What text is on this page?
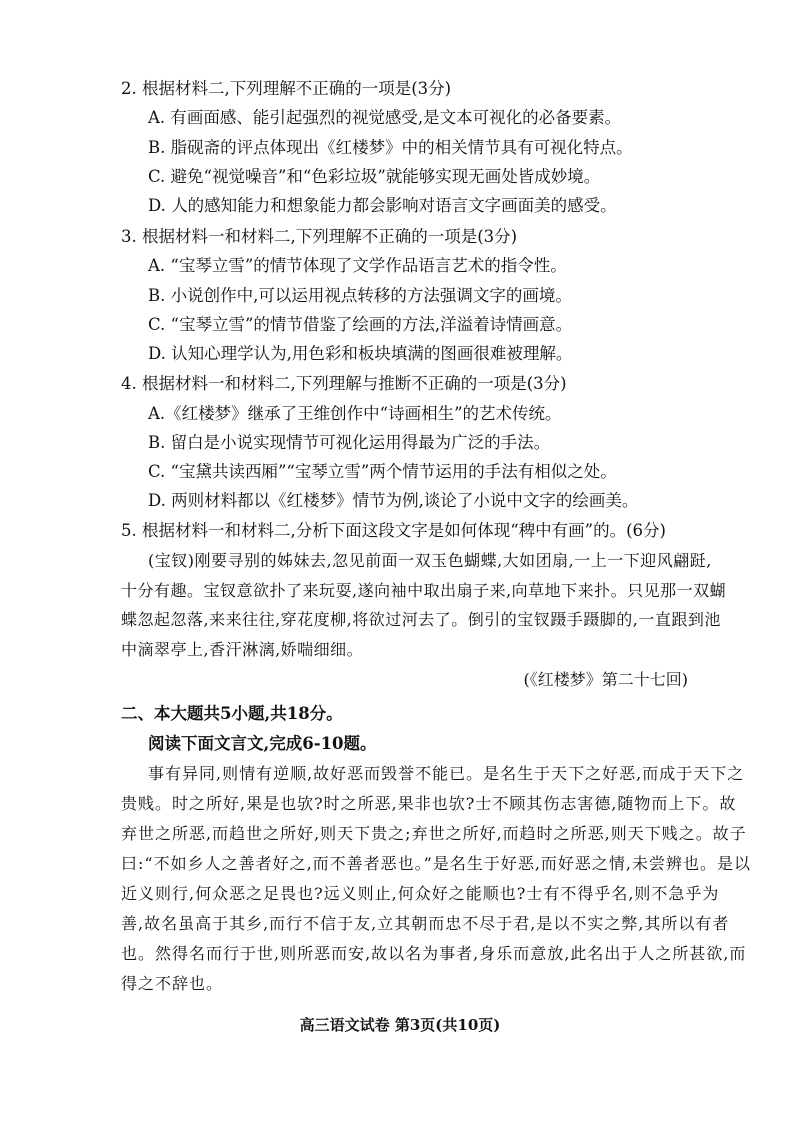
2. 根据材料二,下列理解不正确的一项是(3分)
A. 有画面感、能引起强烈的视觉感受,是文本可视化的必备要素。
B. 脂砚斋的评点体现出《红楼梦》中的相关情节具有可视化特点。
C. 避免“视觉噪音”和“色彩垃圾”就能够实现无画处皆成妙境。
D. 人的感知能力和想象能力都会影响对语言文字画面美的感受。
3. 根据材料一和材料二,下列理解不正确的一项是(3分)
A. “宝琴立雪”的情节体现了文学作品语言艺术的指令性。
B. 小说创作中,可以运用视点转移的方法强调文字的画境。
C. “宝琴立雪”的情节借鉴了绘画的方法,洋溢着诗情画意。
D. 认知心理学认为,用色彩和板块填满的图画很难被理解。
4. 根据材料一和材料二,下列理解与推断不正确的一项是(3分)
A.《红楼梦》继承了王维创作中“诗画相生”的艺术传统。
B. 留白是小说实现情节可视化运用得最为广泛的手法。
C. “宝黛共读西厢”“宝琴立雪”两个情节运用的手法有相似之处。
D. 两则材料都以《红楼梦》情节为例,谈论了小说中文字的绘画美。
5. 根据材料一和材料二,分析下面这段文字是如何体现“稗中有画”的。(6分)
(宝钗)刚要寻别的姊妹去,忽见前面一双玉色蝴蝶,大如团扇,一上一下迎风翩跹,
十分有趣。宝钗意欲扑了来玩耍,遂向袖中取出扇子来,向草地下来扑。只见那一双蝴
蝶忽起忽落,来来往往,穿花度柳,将欲过河去了。倒引的宝钗蹑手蹑脚的,一直跟到池
中滴翠亭上,香汗淋漓,娇喘细细。
(《红楼梦》第二十七回)
二、本大题共5小题,共18分。
阅读下面文言文,完成6-10题。
事有异同,则情有逆顺,故好恶而毁誉不能已。是名生于天下之好恶,而成于天下之
贵贱。时之所好,果是也欤?时之所恶,果非也欤?士不顾其伤志害德,随物而上下。故
弃世之所恶,而趋世之所好,则天下贵之;弃世之所好,而趋时之所恶,则天下贱之。故子
曰:“不如乡人之善者好之,而不善者恶也。”是名生于好恶,而好恶之情,未尝辨也。是以
近义则行,何众恶之足畏也?远义则止,何众好之能顺也?士有不得乎名,则不急乎为
善,故名虽高于其乡,而行不信于友,立其朝而忠不尽于君,是以不实之弊,其所以有者
也。然得名而行于世,则所恶而安,故以名为事者,身乐而意放,此名出于人之所甚欲,而
得之不辞也。
高三语文试卷 第3页(共10页)
